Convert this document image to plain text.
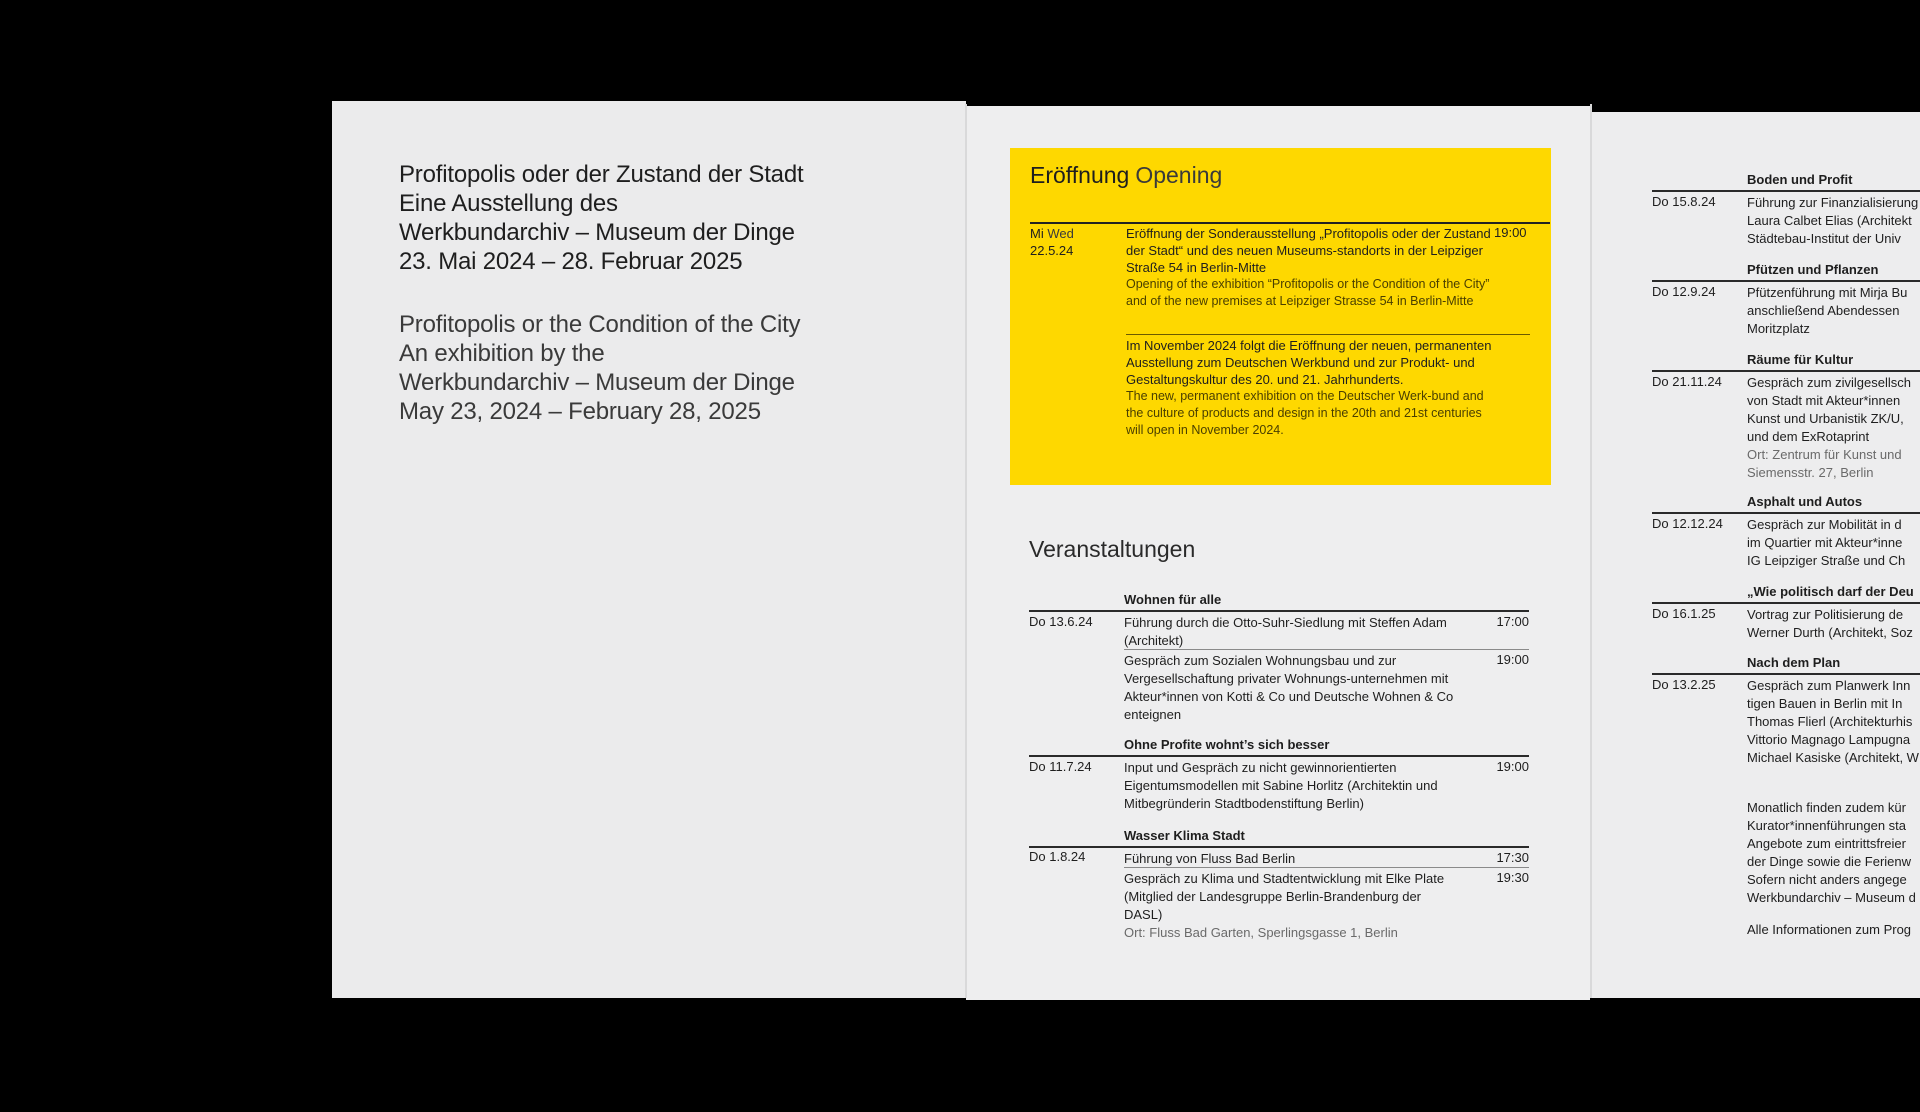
Profitopolis oder der Zustand der Stadt
Eine Ausstellung des
Werkbundarchiv – Museum der Dinge
23. Mai 2024 – 28. Februar 2025
Profitopolis or the Condition of the City
An exhibition by the
Werkbundarchiv – Museum der Dinge
May 23, 2024 – February 28, 2025
Eröffnung Opening
Mi Wed
22.5.24
Eröffnung der Sonderausstellung „Profitopolis oder der Zustand der Stadt“ und des neuen Museums-standorts in der Leipziger Straße 54 in Berlin-Mitte
Opening of the exhibition “Profitopolis or the Condition of the City” and of the new premises at Leipziger Strasse 54 in Berlin-Mitte
19:00
Im November 2024 folgt die Eröffnung der neuen, permanenten Ausstellung zum Deutschen Werkbund und zur Produkt- und Gestaltungskultur des 20. und 21. Jahrhunderts.
The new, permanent exhibition on the Deutscher Werk-bund and the culture of products and design in the 20th and 21st centuries will open in November 2024.
Veranstaltungen
Wohnen für alle
Do 13.6.24 Führung durch die Otto-Suhr-Siedlung mit Steffen Adam (Architekt)
17:00
Gespräch zum Sozialen Wohnungsbau und zur Vergesellschaftung privater Wohnungs-unternehmen mit Akteur*innen von Kotti & Co und Deutsche Wohnen & Co enteignen
19:00
Ohne Profite wohnt’s sich besser
Do 11.7.24 Input und Gespräch zu nicht gewinnorientierten Eigentumsmodellen mit Sabine Horlitz (Architektin und Mitbegründerin Stadtbodenstiftung Berlin)
19:00
Wasser Klima Stadt
Do 1.8.24	Führung von Fluss Bad Berlin	17:30
Gespräch zu Klima und Stadtentwicklung mit Elke Plate (Mitglied der Landesgruppe Berlin-Brandenburg der DASL)
Ort: Fluss Bad Garten, Sperlingsgasse 1, Berlin
19:30
Boden und Profit
Do 15.8.24 Führung zur Finanzialisierung
Laura Calbet Elias (Architekt
Städtebau-Institut der Univ
Pfützen und Pflanzen
Do 12.9.24 Pfützenführung mit Mirja Bu
anschließend Abendessen
Moritzplatz
Räume für Kultur
Do 21.11.24 Gespräch zum zivilgesellsch
von Stadt mit Akteur*innen
Kunst und Urbanistik ZK/U,
und dem ExRotaprint
Ort: Zentrum für Kunst und
Siemensstr. 27, Berlin
Asphalt und Autos
Do 12.12.24 Gespräch zur Mobilität in d
im Quartier mit Akteur*inne
IG Leipziger Straße und Ch
„Wie politisch darf der Deu
Do 16.1.25 Vortrag zur Politisierung de
Werner Durth (Architekt, Soz
Nach dem Plan
Do 13.2.25 Gespräch zum Planwerk Inn
tigen Bauen in Berlin mit In
Thomas Flierl (Architekturhis
Vittorio Magnago Lampugna
Michael Kasiske (Architekt, W
Monatlich finden zudem kür
Kurator*innenführungen sta
Angebote zum eintrittsfreier
der Dinge sowie die Ferienw
Sofern nicht anders angege
Werkbundarchiv – Museum d
Alle Informationen zum Prog
